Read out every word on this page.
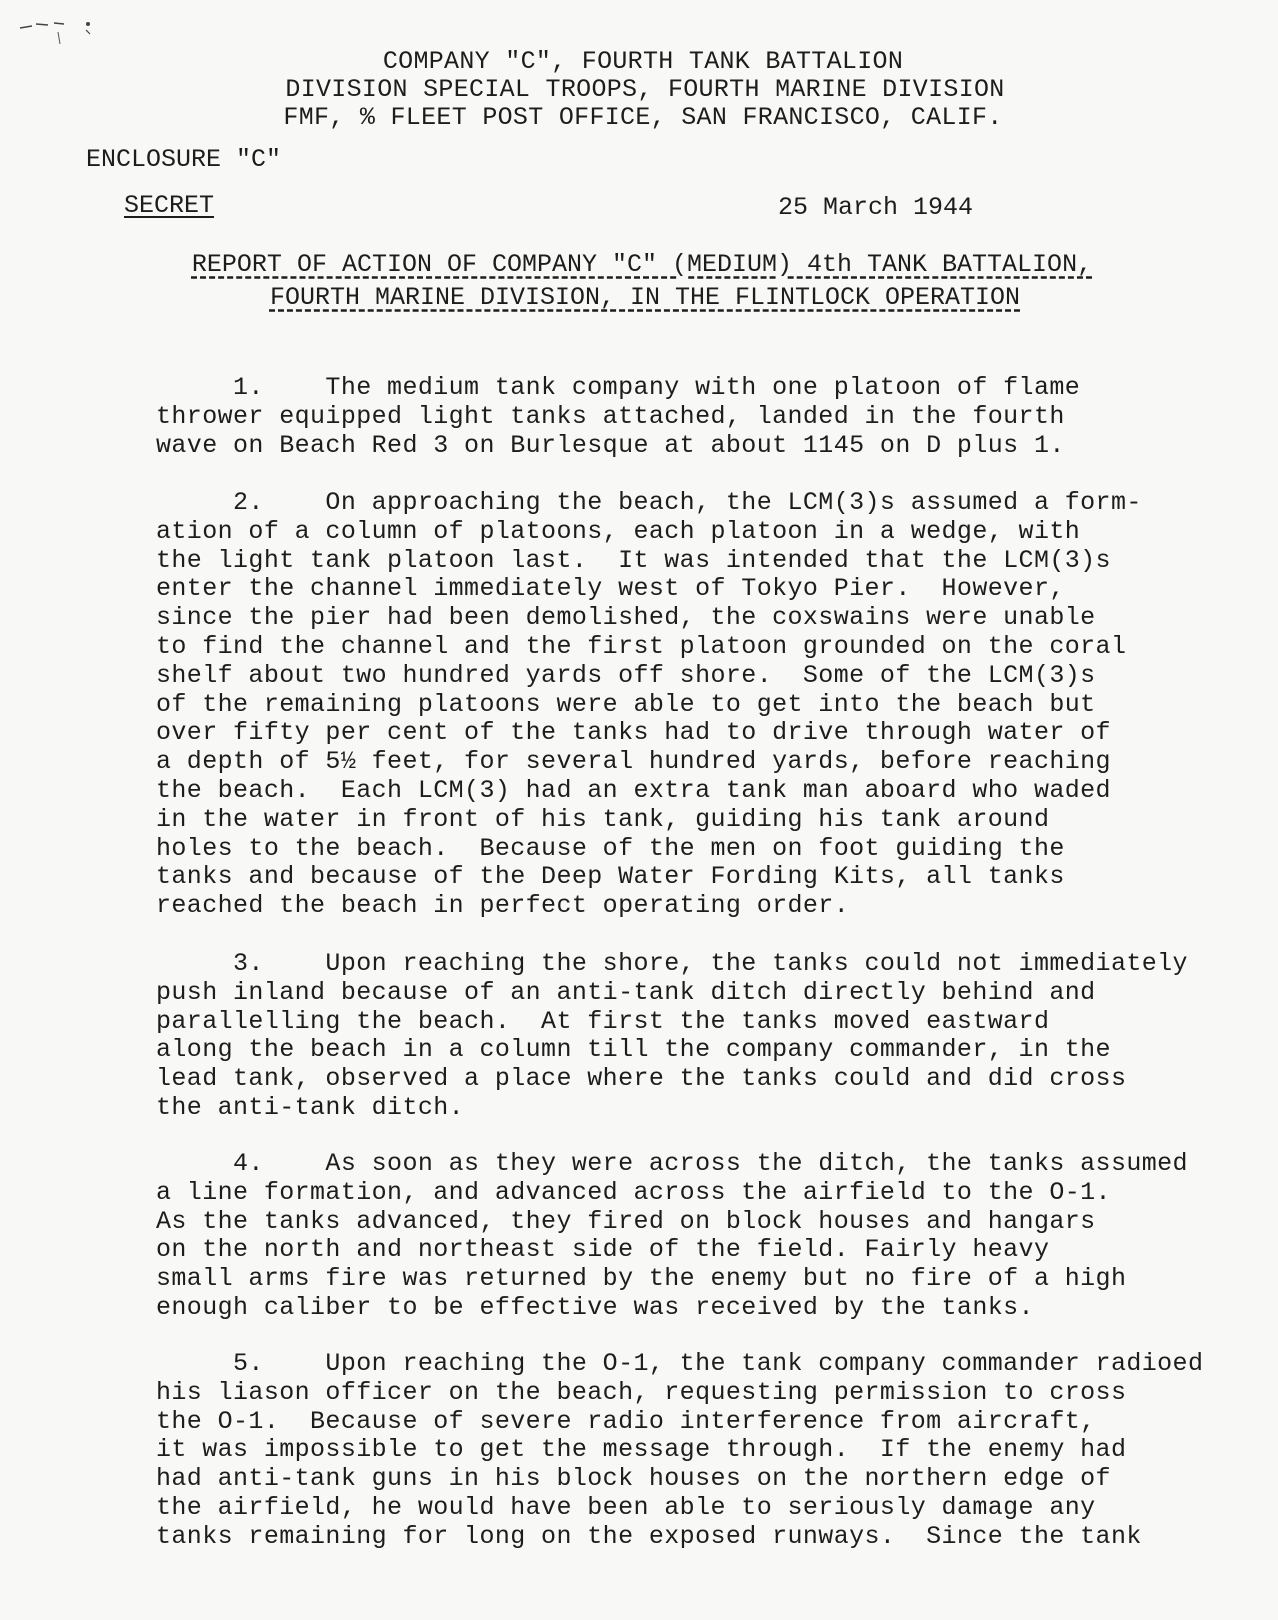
COMPANY "C", FOURTH TANK BATTALION
DIVISION SPECIAL TROOPS, FOURTH MARINE DIVISION
FMF, % FLEET POST OFFICE, SAN FRANCISCO, CALIF.
ENCLOSURE "C"
SECRET	25 March 1944
REPORT OF ACTION OF COMPANY "C" (MEDIUM) 4th TANK BATTALION,
FOURTH MARINE DIVISION, IN THE FLINTLOCK OPERATION
1.    The medium tank company with one platoon of flame
thrower equipped light tanks attached, landed in the fourth
wave on Beach Red 3 on Burlesque at about 1145 on D plus 1.
2.    On approaching the beach, the LCM(3)s assumed a form-
ation of a column of platoons, each platoon in a wedge, with
the light tank platoon last.  It was intended that the LCM(3)s
enter the channel immediately west of Tokyo Pier.  However,
since the pier had been demolished, the coxswains were unable
to find the channel and the first platoon grounded on the coral
shelf about two hundred yards off shore.  Some of the LCM(3)s
of the remaining platoons were able to get into the beach but
over fifty per cent of the tanks had to drive through water of
a depth of 5½ feet, for several hundred yards, before reaching
the beach.  Each LCM(3) had an extra tank man aboard who waded
in the water in front of his tank, guiding his tank around
holes to the beach.  Because of the men on foot guiding the
tanks and because of the Deep Water Fording Kits, all tanks
reached the beach in perfect operating order.
3.    Upon reaching the shore, the tanks could not immediately
push inland because of an anti-tank ditch directly behind and
parallelling the beach.  At first the tanks moved eastward
along the beach in a column till the company commander, in the
lead tank, observed a place where the tanks could and did cross
the anti-tank ditch.
4.    As soon as they were across the ditch, the tanks assumed
a line formation, and advanced across the airfield to the O-1.
As the tanks advanced, they fired on block houses and hangars
on the north and northeast side of the field. Fairly heavy
small arms fire was returned by the enemy but no fire of a high
enough caliber to be effective was received by the tanks.
5.    Upon reaching the O-1, the tank company commander radioed
his liason officer on the beach, requesting permission to cross
the O-1.  Because of severe radio interference from aircraft,
it was impossible to get the message through.  If the enemy had
had anti-tank guns in his block houses on the northern edge of
the airfield, he would have been able to seriously damage any
tanks remaining for long on the exposed runways.  Since the tank
